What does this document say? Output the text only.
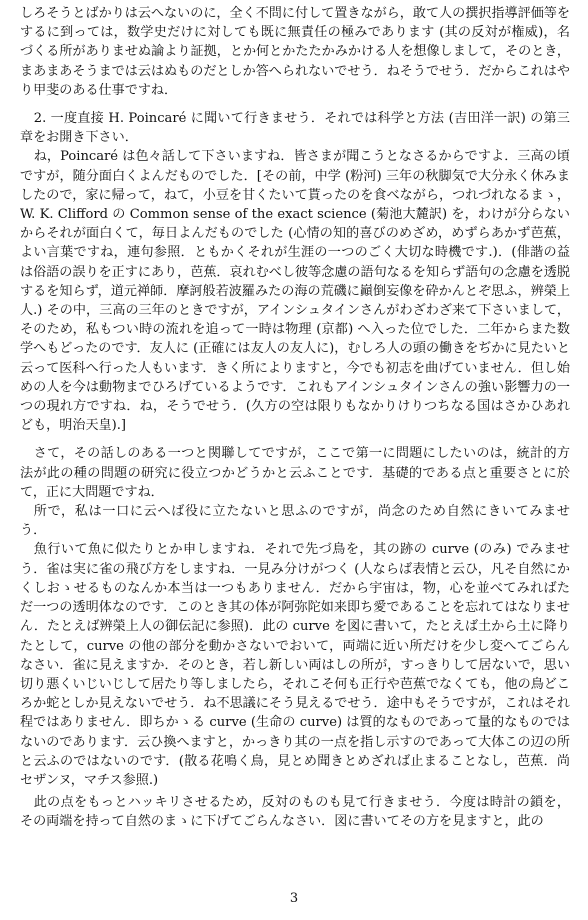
しろそうとばかりは云へないのに，全く不問に付して置きながら，敢て人の撰択指導評価等をするに到っては，数学史だけに対しても既に無責任の極みであります (其の反対が権威)，名づくる所がありませぬ論より証拠，とか何とかたたかみかける人を想像しまして，そのとき，まあまあそうまでは云はぬものだとしか答へられないでせう．ねそうでせう．だからこれはやり甲斐のある仕事ですね．

2. 一度直接 H. Poincaré に聞いて行きませう．それでは科学と方法 (吉田洋一訳) の第三章をお開き下さい．

ね，Poincaré は色々話して下さいますね．皆さまが聞こうとなさるからですよ．三高の頃ですが，随分面白くよんだものでした．[その前，中学 (粉河) 三年の秋脚気で大分永く休みましたので，家に帰って，ねて，小豆を甘くたいて貰ったのを食べながら，つれづれなるまゝ，W. K. Clifford の Common sense of the exact science (菊池大麓訳) を，わけが分らないからそれが面白くて，毎日よんだものでした (心情の知的喜びのめざめ，めずらあかず芭蕉，よい言葉ですね，連句参照．ともかくそれが生涯の一つのごく大切な時機です.)．(俳諧の益は俗語の誤りを正すにあり，芭蕉．哀れむべし彼等念慮の語句なるを知らず語句の念慮を透脱するを知らず，道元禅師．摩訶般若波羅みたの海の荒磯に巓倒妄像を砕かんとぞ思ふ，辨榮上人.) その中，三高の三年のときですが，アインシュタインさんがわざわざ来て下さいまして，そのため，私もつい時の流れを追って一時は物理 (京都) へ入った位でした．二年からまた数学へもどったのです．友人に (正確には友人の友人に)，むしろ人の頭の働きをぢかに見たいと云って医科へ行った人もいます．きく所によりますと，今でも初志を曲げていません．但し始めの人を今は動物までひろげているようです．これもアインシュタインさんの強い影響力の一つの現れ方ですね．ね，そうでせう．(久方の空は限りもなかりけりつちなる国はさかひあれども，明治天皇).]

さて，その話しのある一つと関聯してですが，ここで第一に問題にしたいのは，統計的方法が此の種の問題の研究に役立つかどうかと云ふことです．基礎的である点と重要さとに於て，正に大問題ですね．

所で，私は一口に云へば役に立たないと思ふのですが，尚念のため自然にきいてみませう．

魚行いて魚に似たりとか申しますね．それで先づ鳥を，其の跡の curve (のみ) でみませう．雀は実に雀の飛び方をしますね．一見み分けがつく (人ならば表情と云ひ，凡そ自然にかくしおゝせるものなんか本当は一つもありません．だから宇宙は，物，心を並べてみればただ一つの透明体なのです．このとき其の体が阿弥陀如来即ち愛であることを忘れてはなりません．たとえば辨榮上人の御伝記に参照)．此の curve を図に書いて，たとえば土から土に降りたとして，curve の他の部分を動かさないでおいて，両端に近い所だけを少し変へてごらんなさい．雀に見えますか．そのとき，若し新しい両はしの所が，すっきりして居ないで，思い切り悪くいじいじして居たり等しましたら，それこそ何も正行や芭蕉でなくても，他の鳥どころか蛇としか見えないでせう．ね不思議にそう見えるでせう．途中もそうですが，これはそれ程ではありません．即ちかゝる curve (生命の curve) は質的なものであって量的なものではないのであります．云ひ換へますと，かっきり其の一点を指し示すのであって大体この辺の所と云ふのではないのです．(散る花鳴く鳥，見とめ聞きとめざれば止まることなし，芭蕉．尚セザンヌ，マチス参照.)

此の点をもっとハッキリさせるため，反対のものも見て行きませう．今度は時計の鎖を，その両端を持って自然のまゝに下げてごらんなさい．図に書いてその方を見ますと，此の

3
